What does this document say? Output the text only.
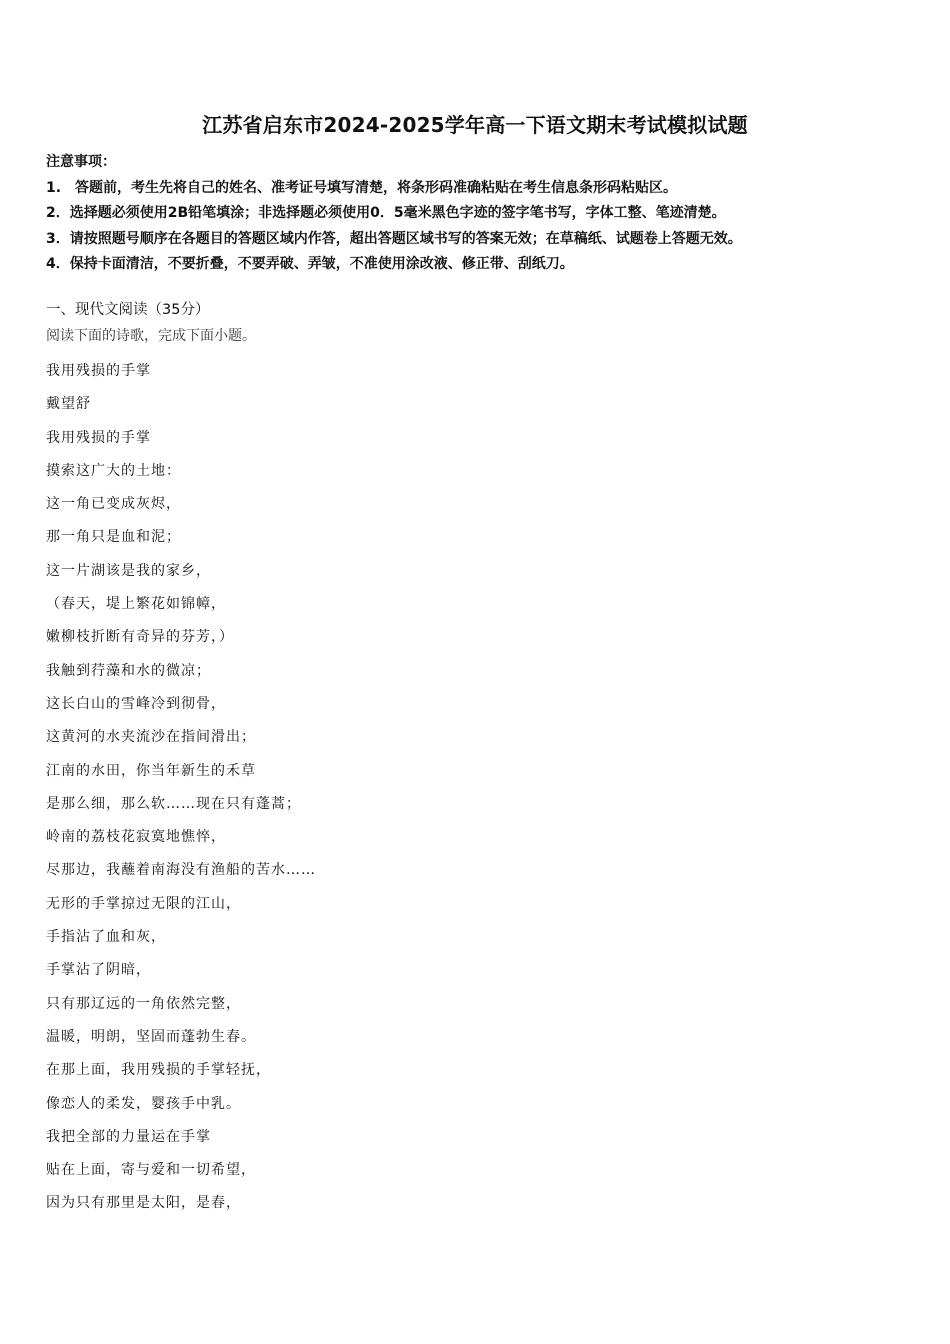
江苏省启东市2024-2025学年高一下语文期末考试模拟试题
注意事项：
1.　答题前，考生先将自己的姓名、准考证号填写清楚，将条形码准确粘贴在考生信息条形码粘贴区。
2．选择题必须使用2B铅笔填涂；非选择题必须使用0．5毫米黑色字迹的签字笔书写，字体工整、笔迹清楚。
3．请按照题号顺序在各题目的答题区域内作答，超出答题区域书写的答案无效；在草稿纸、试题卷上答题无效。
4．保持卡面清洁，不要折叠，不要弄破、弄皱，不准使用涂改液、修正带、刮纸刀。
一、现代文阅读（35分）
阅读下面的诗歌，完成下面小题。
我用残损的手掌
戴望舒
我用残损的手掌
摸索这广大的土地：
这一角已变成灰烬，
那一角只是血和泥；
这一片湖该是我的家乡，
（春天，堤上繁花如锦幛，
嫩柳枝折断有奇异的芬芳，）
我触到荇藻和水的微凉；
这长白山的雪峰冷到彻骨，
这黄河的水夹流沙在指间滑出；
江南的水田，你当年新生的禾草
是那么细，那么软……现在只有蓬蒿；
岭南的荔枝花寂寞地憔悴，
尽那边，我蘸着南海没有渔船的苦水……
无形的手掌掠过无限的江山，
手指沾了血和灰，
手掌沾了阴暗，
只有那辽远的一角依然完整，
温暖，明朗，坚固而蓬勃生春。
在那上面，我用残损的手掌轻抚，
像恋人的柔发，婴孩手中乳。
我把全部的力量运在手掌
贴在上面，寄与爱和一切希望，
因为只有那里是太阳，是春，
